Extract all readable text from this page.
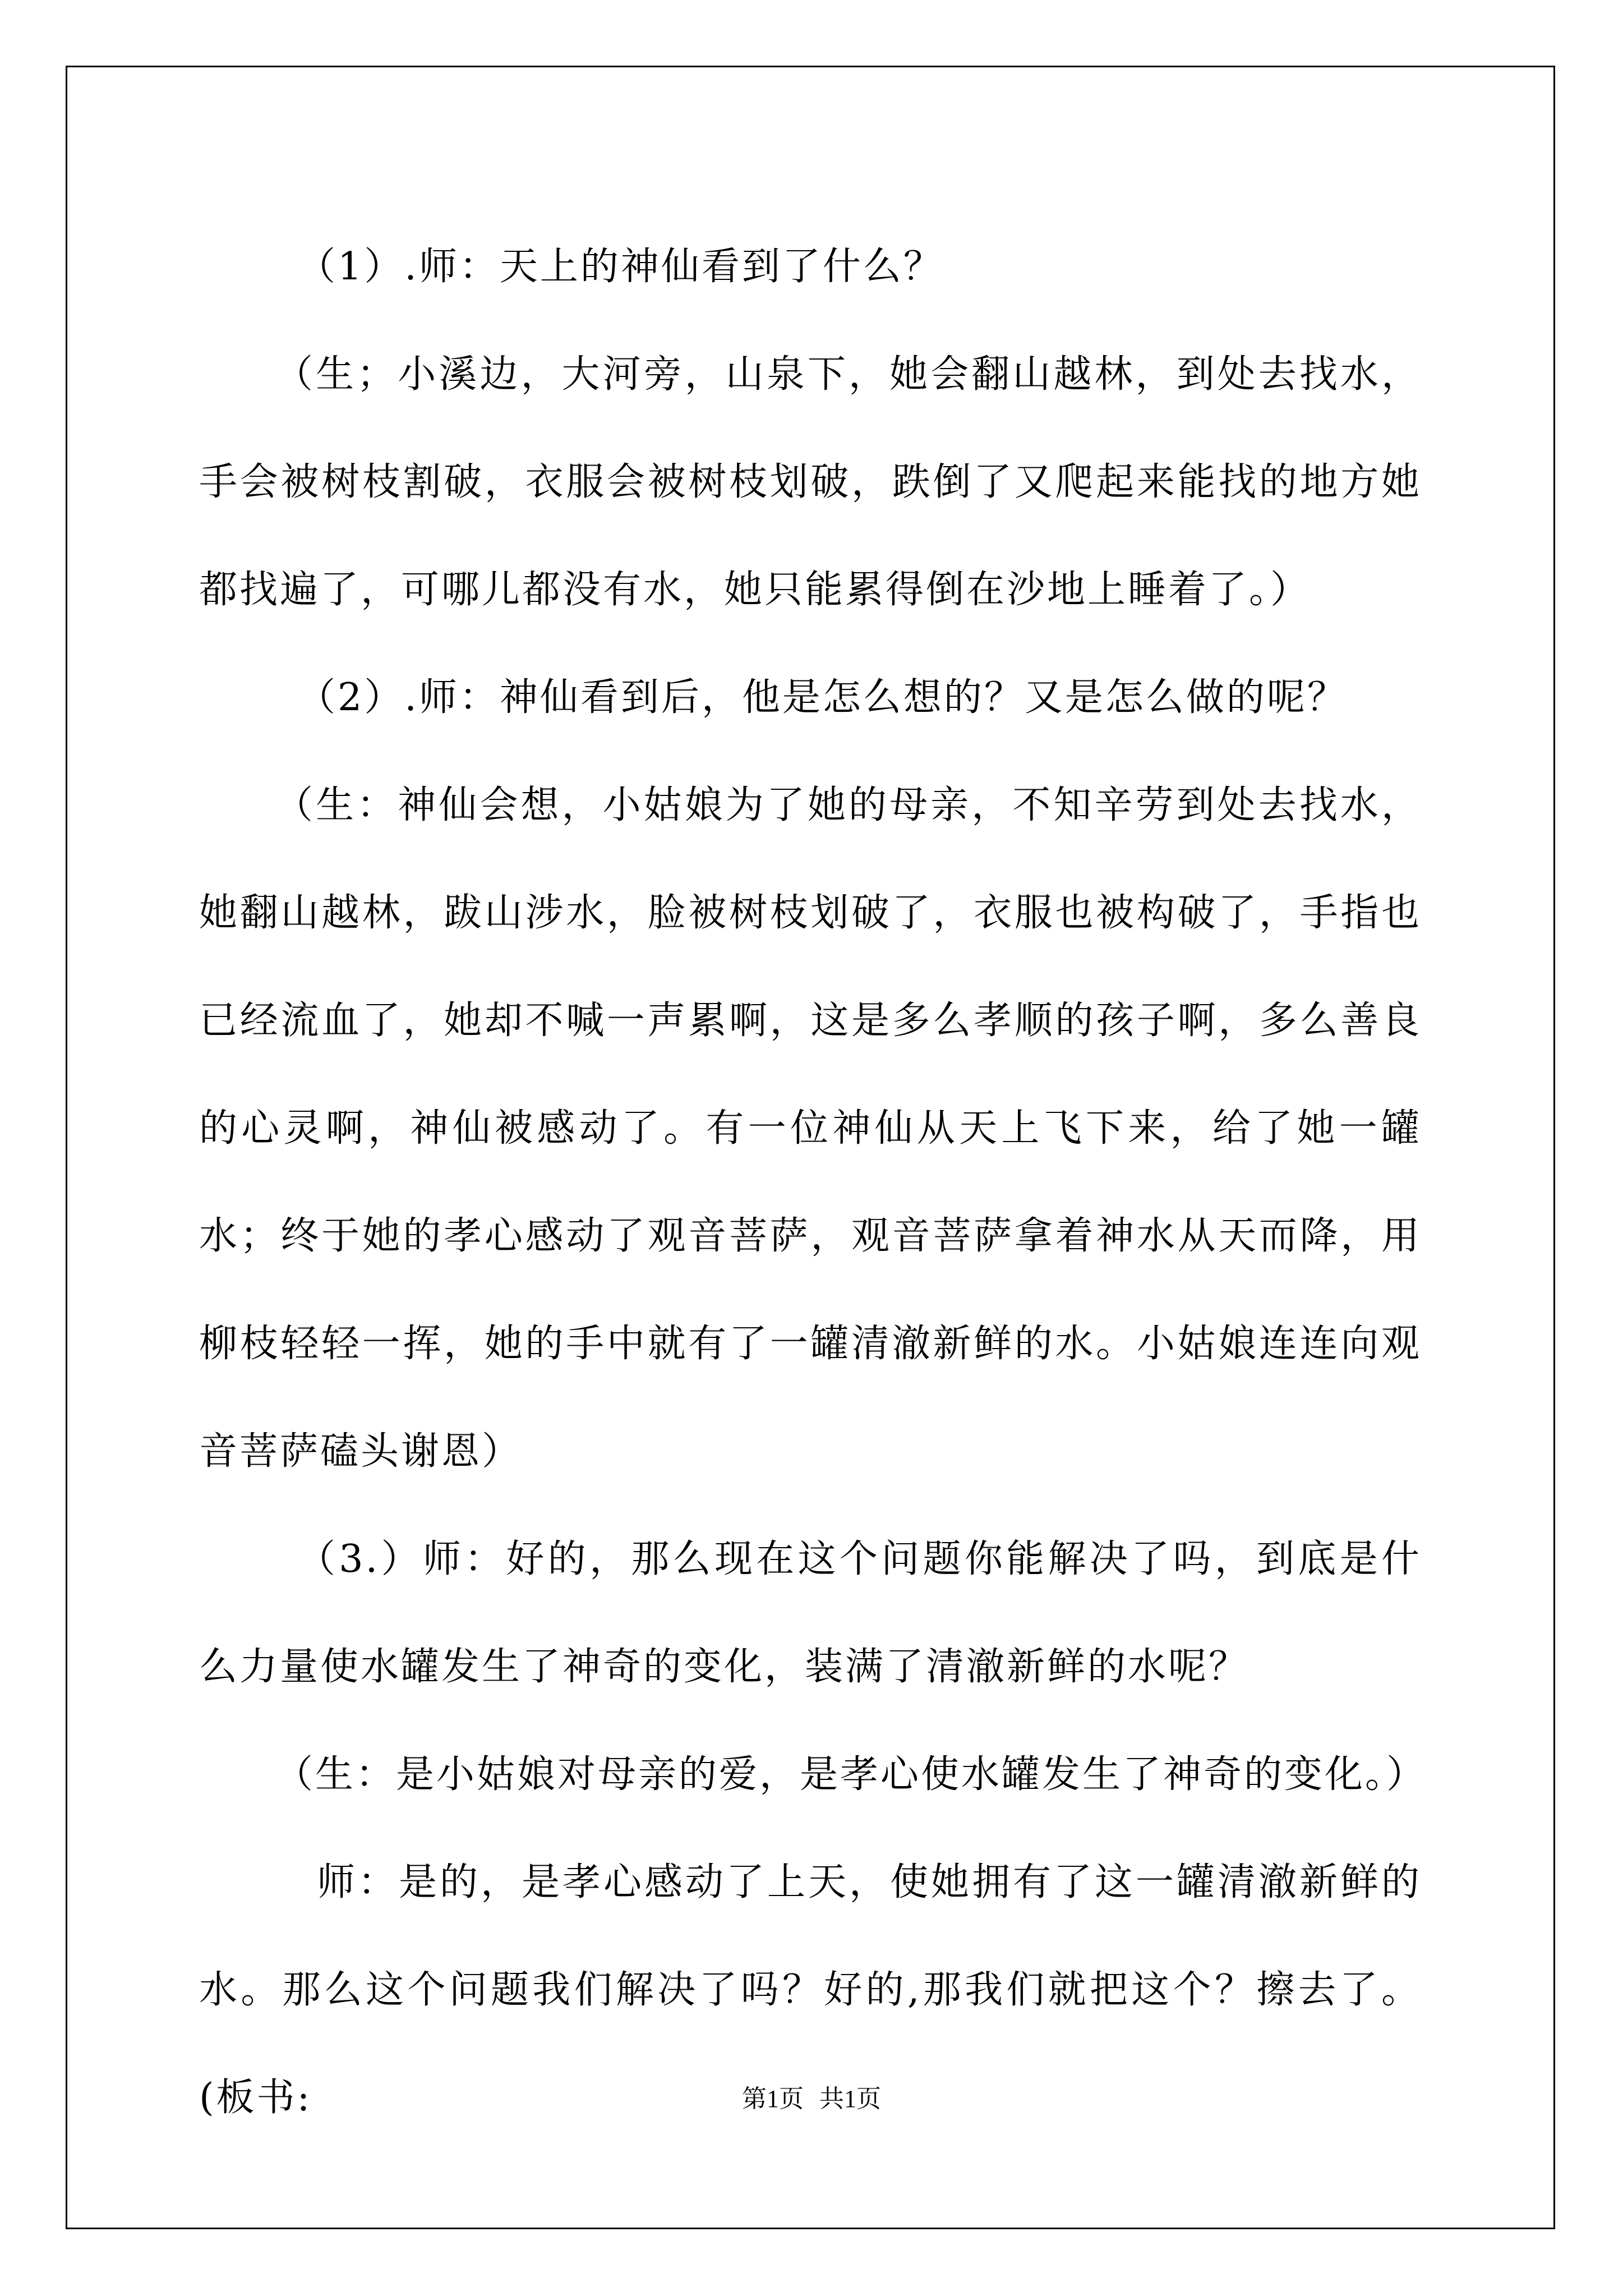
（1）.师：天上的神仙看到了什么？

（生；小溪边，大河旁，山泉下，她会翻山越林，到处去找水，手会被树枝割破，衣服会被树枝划破，跌倒了又爬起来能找的地方她都找遍了，可哪儿都没有水，她只能累得倒在沙地上睡着了。）

（2）.师：神仙看到后，他是怎么想的？又是怎么做的呢？

（生：神仙会想，小姑娘为了她的母亲，不知辛劳到处去找水，她翻山越林，跋山涉水，脸被树枝划破了，衣服也被构破了，手指也已经流血了，她却不喊一声累啊，这是多么孝顺的孩子啊，多么善良的心灵啊，神仙被感动了。有一位神仙从天上飞下来，给了她一罐水；终于她的孝心感动了观音菩萨，观音菩萨拿着神水从天而降，用柳枝轻轻一挥，她的手中就有了一罐清澈新鲜的水。小姑娘连连向观音菩萨磕头谢恩）

（3.）师：好的，那么现在这个问题你能解决了吗，到底是什么力量使水罐发生了神奇的变化，装满了清澈新鲜的水呢？

（生：是小姑娘对母亲的爱，是孝心使水罐发生了神奇的变化。）

师：是的，是孝心感动了上天，使她拥有了这一罐清澈新鲜的水。那么这个问题我们解决了吗？好的,那我们就把这个？擦去了。(板书:	第1页 共1页
